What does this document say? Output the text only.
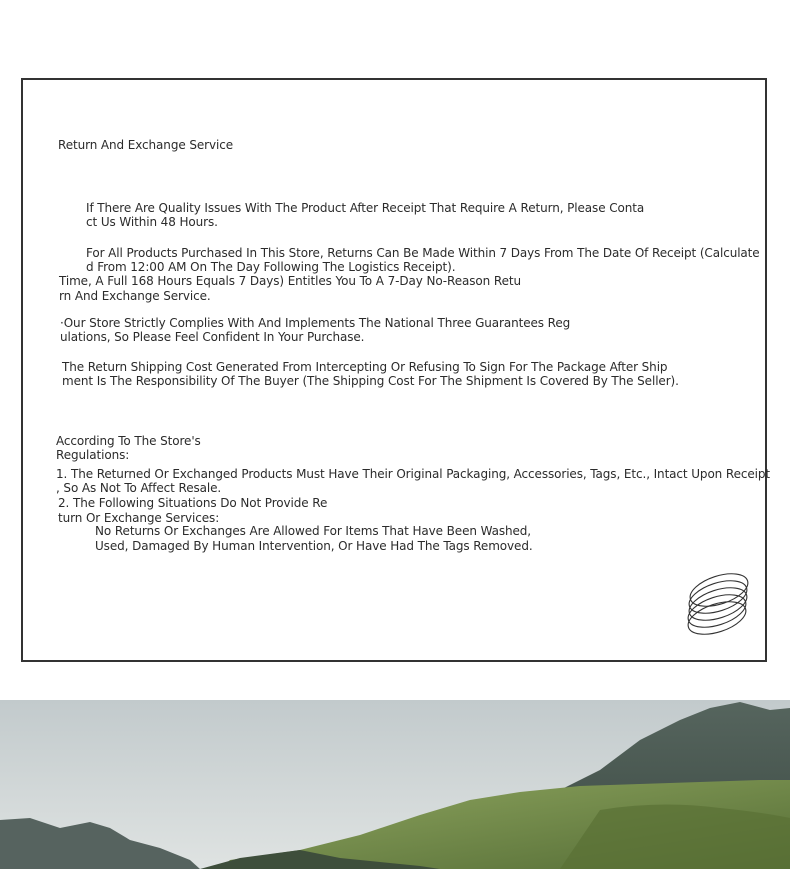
Return And Exchange Service
If There Are Quality Issues With The Product After Receipt That Require A Return, Please Conta
ct Us Within 48 Hours.
For All Products Purchased In This Store, Returns Can Be Made Within 7 Days From The Date Of Receipt (Calculate
d From 12:00 AM On The Day Following The Logistics Receipt).
Time, A Full 168 Hours Equals 7 Days) Entitles You To A 7-Day No-Reason Retu
rn And Exchange Service.
·Our Store Strictly Complies With And Implements The National Three Guarantees Reg
ulations, So Please Feel Confident In Your Purchase.
The Return Shipping Cost Generated From Intercepting Or Refusing To Sign For The Package After Ship
ment Is The Responsibility Of The Buyer (The Shipping Cost For The Shipment Is Covered By The Seller).
According To The Store's
Regulations:
1. The Returned Or Exchanged Products Must Have Their Original Packaging, Accessories, Tags, Etc., Intact Upon Receipt
, So As Not To Affect Resale.
2. The Following Situations Do Not Provide Re
turn Or Exchange Services:
No Returns Or Exchanges Are Allowed For Items That Have Been Washed,
Used, Damaged By Human Intervention, Or Have Had The Tags Removed.
